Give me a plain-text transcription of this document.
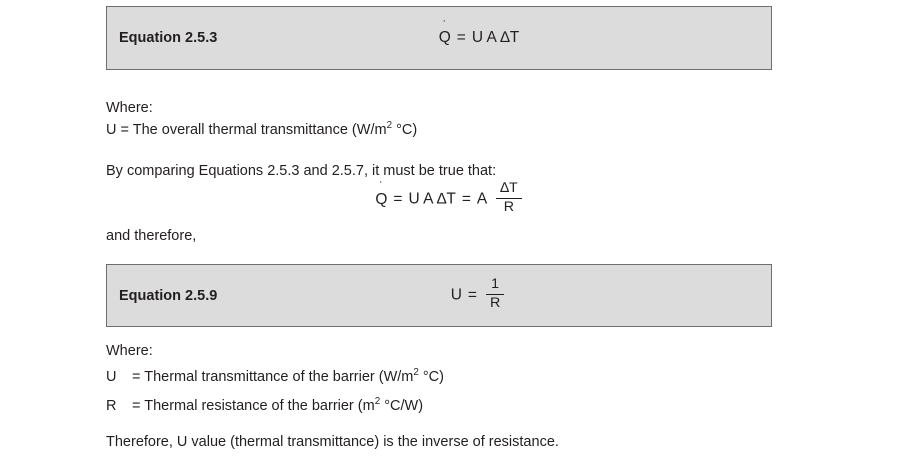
Equation 2.5.3
˙
Q = U A ∆T
Where:
U = The overall thermal transmittance ($W/m^2$ °C)
By comparing Equations 2.5.3 and 2.5.7, it must be true that:
˙
Q = U A ∆T = A $\frac{\Delta T}{R}$
and therefore,
Equation 2.5.9	$U = \frac{1}{R}$
Where:
U = Thermal transmittance of the barrier ($W/m^2$ °C)
R = Thermal resistance of the barrier ($m^2$ °C/W)
Therefore, U value (thermal transmittance) is the inverse of resistance.
